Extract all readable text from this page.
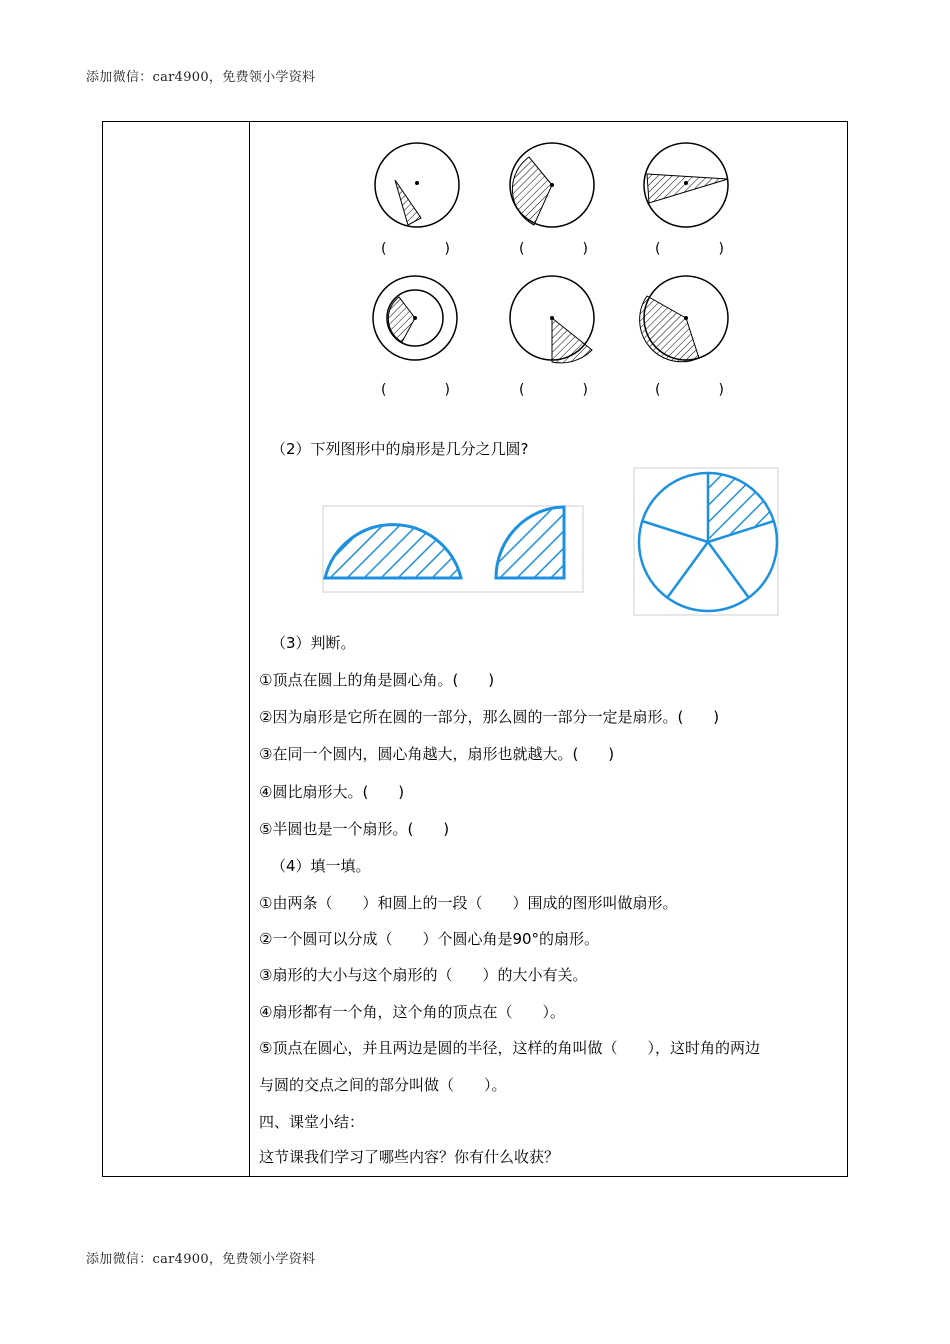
添加微信：car4900，免费领小学资料
(　　)	(　　)	(　　)
(　　)	(　　)	(　　)
（2）下列图形中的扇形是几分之几圆?
（3）判断。
①顶点在圆上的角是圆心角。(　　)
②因为扇形是它所在圆的一部分，那么圆的一部分一定是扇形。(　　)
③在同一个圆内，圆心角越大，扇形也就越大。(　　)
④圆比扇形大。(　　)
⑤半圆也是一个扇形。(　　)
（4）填一填。
①由两条（　　）和圆上的一段（　　）围成的图形叫做扇形。
②一个圆可以分成（　　）个圆心角是90°的扇形。
③扇形的大小与这个扇形的（　　）的大小有关。
④扇形都有一个角，这个角的顶点在（　　）。
⑤顶点在圆心，并且两边是圆的半径，这样的角叫做（　　），这时角的两边
与圆的交点之间的部分叫做（　　）。
四、课堂小结：
这节课我们学习了哪些内容？你有什么收获？
添加微信：car4900，免费领小学资料
